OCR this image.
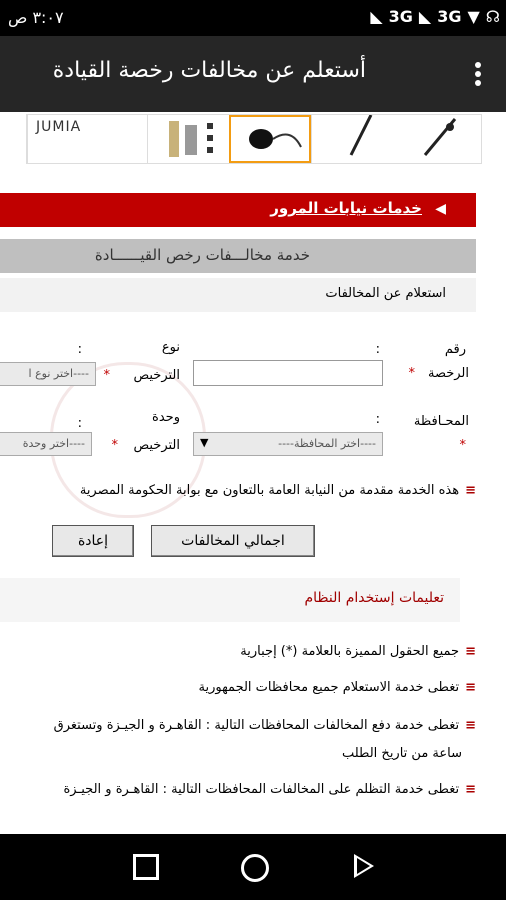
٣:٠٧ ص	◣ 3G ◣ 3G ▼ ☊
أستعلم عن مخالفات رخصة القيادة
JUMIA
◀
خدمات نيابات المرور
خدمة مخالـــفات رخص القيــــــادة
استعلام عن المخالفات
رقم
الرخصة
*
:
نوع
الترخيص
*
:
----اختر نوع ا
المحـافظة
:
*
----اختر المحافظة----
▼
وحدة
الترخيص
*
:
----اختر وحدة
≡هذه الخدمة مقدمة من النيابة العامة بالتعاون مع بوابة الحكومة المصرية
اجمالي المخالفات
إعادة
تعليمات إستخدام النظام
≡جميع الحقول المميزة بالعلامة (*) إجبارية
≡تغطى خدمة الاستعلام جميع محافظات الجمهورية
≡تغطى خدمة دفع المخالفات المحافظات التالية : القاهـرة و الجيـزة وتستغرق
ساعة من تاريخ الطلب
≡تغطى خدمة التظلم على المخالفات المحافظات التالية : القاهـرة و الجيـزة
